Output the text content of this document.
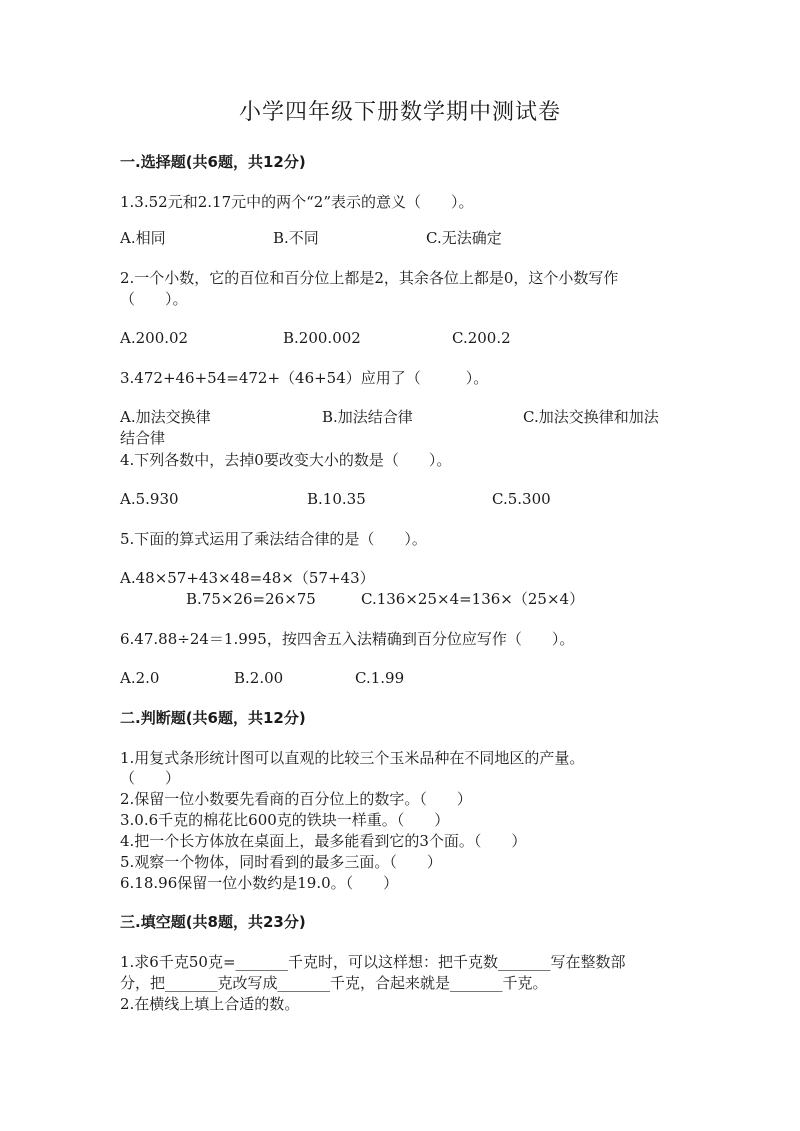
小学四年级下册数学期中测试卷
一.选择题(共6题，共12分)
1.3.52元和2.17元中的两个“2”表示的意义（　　）。
A.相同	B.不同	C.无法确定
2.一个小数，它的百位和百分位上都是2，其余各位上都是0，这个小数写作
（　　）。
A.200.02	B.200.002	C.200.2
3.472+46+54=472+（46+54）应用了（　　　）。
A.加法交换律	B.加法结合律	C.加法交换律和加法
结合律
4.下列各数中，去掉0要改变大小的数是（　　）。
A.5.930	B.10.35	C.5.300
5.下面的算式运用了乘法结合律的是（　　）。
A.48×57+43×48=48×（57+43）
B.75×26=26×75	C.136×25×4=136×（25×4）
6.47.88÷24＝1.995，按四舍五入法精确到百分位应写作（　　）。
A.2.0	B.2.00	C.1.99
二.判断题(共6题，共12分)
1.用复式条形统计图可以直观的比较三个玉米品种在不同地区的产量。
（　　）
2.保留一位小数要先看商的百分位上的数字。（　　）
3.0.6千克的棉花比600克的铁块一样重。（　　）
4.把一个长方体放在桌面上，最多能看到它的3个面。（　　）
5.观察一个物体，同时看到的最多三面。（　　）
6.18.96保留一位小数约是19.0。（　　）
三.填空题(共8题，共23分)
1.求6千克50克=_______千克时，可以这样想：把千克数_______写在整数部
分，把_______克改写成_______千克，合起来就是_______千克。
2.在横线上填上合适的数。
